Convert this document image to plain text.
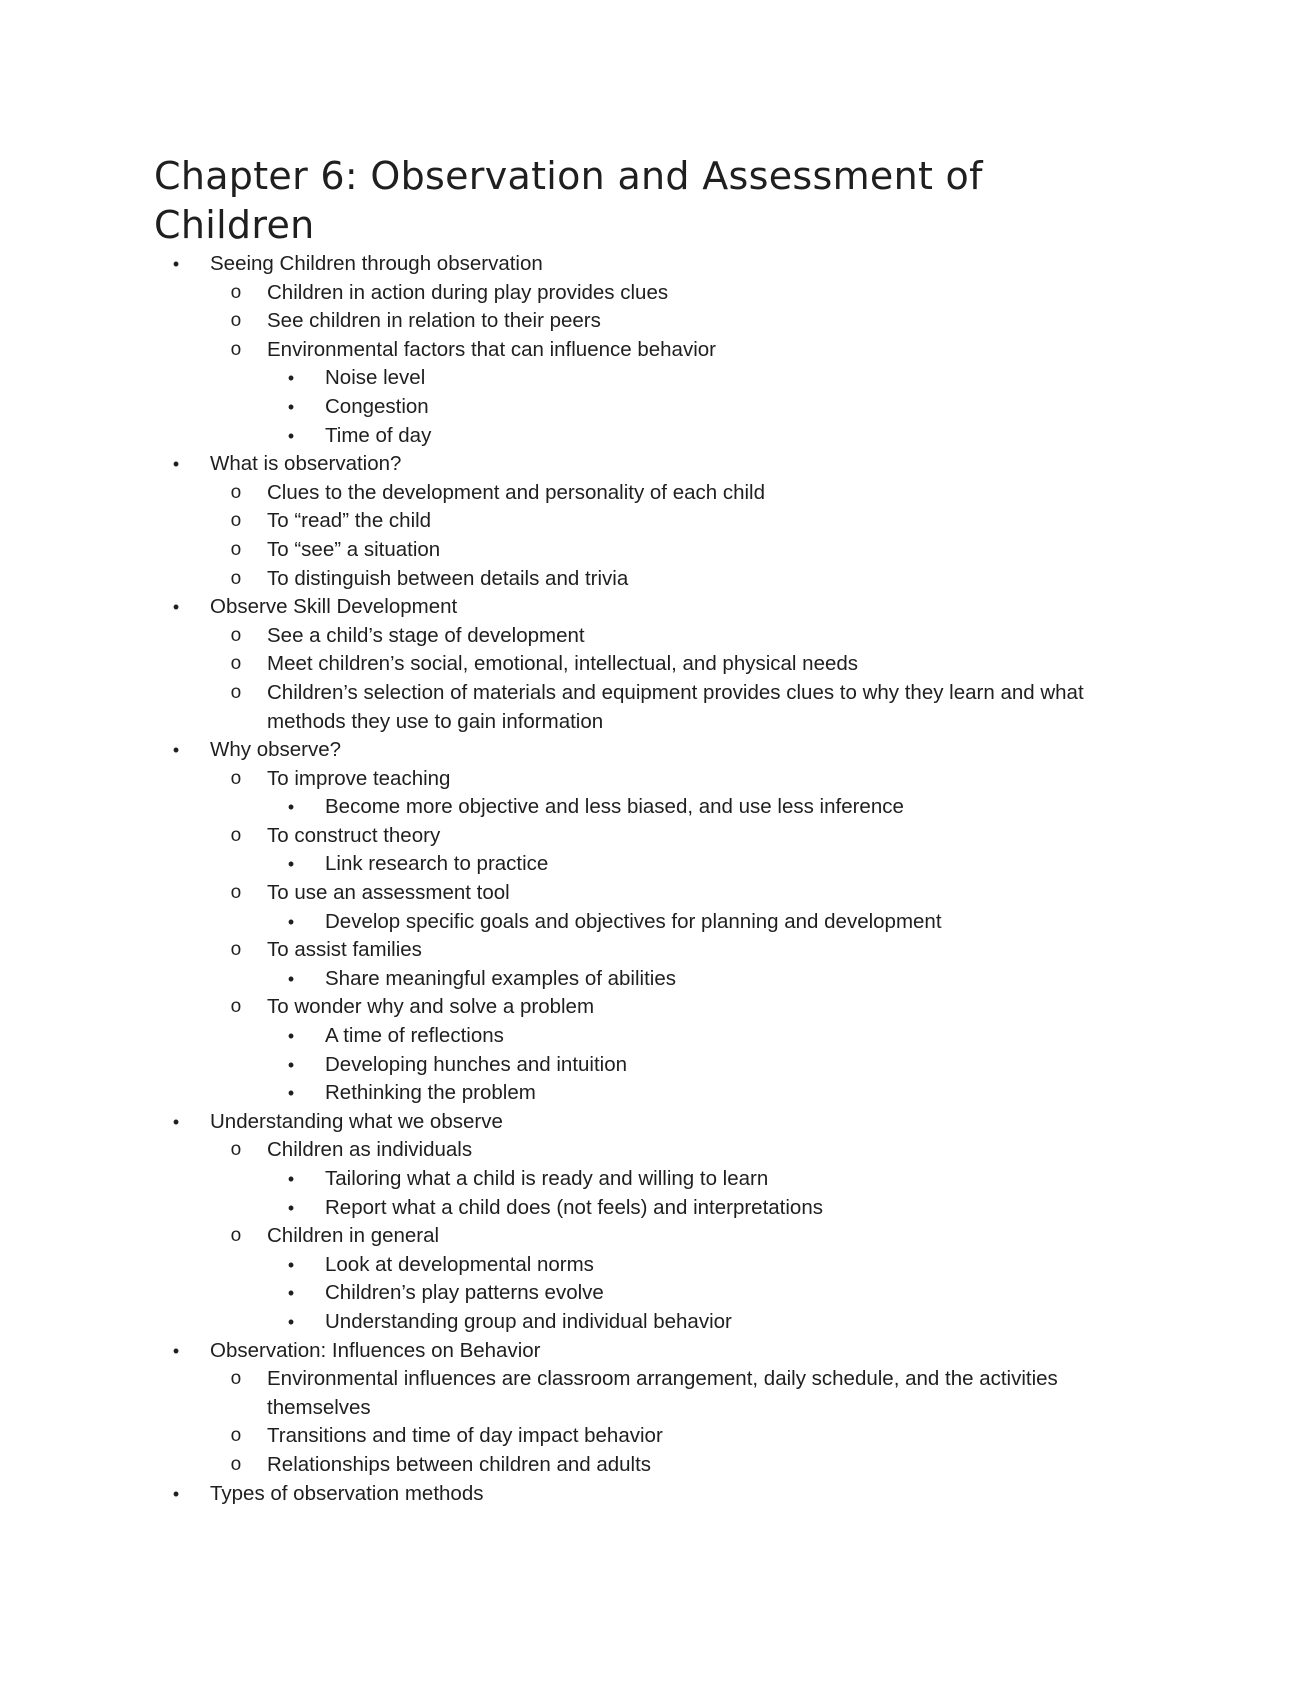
Chapter 6: Observation and Assessment of Children
•	Seeing Children through observation
o Children in action during play provides clues
o See children in relation to their peers
o Environmental factors that can influence behavior
•	Noise level
•	Congestion
•	Time of day
•	What is observation?
o Clues to the development and personality of each child
o To “read” the child
o To “see” a situation
o To distinguish between details and trivia
•	Observe Skill Development
o See a child’s stage of development
o Meet children’s social, emotional, intellectual, and physical needs
o Children’s selection of materials and equipment provides clues to why they learn and what methods they use to gain information
•	Why observe?
o To improve teaching
•	Become more objective and less biased, and use less inference
o To construct theory
•	Link research to practice
o To use an assessment tool
•	Develop specific goals and objectives for planning and development
o To assist families
•	Share meaningful examples of abilities
o To wonder why and solve a problem
•	A time of reflections
•	Developing hunches and intuition
•	Rethinking the problem
•	Understanding what we observe
o Children as individuals
•	Tailoring what a child is ready and willing to learn
•	Report what a child does (not feels) and interpretations
o Children in general
•	Look at developmental norms
•	Children’s play patterns evolve
•	Understanding group and individual behavior
•	Observation: Influences on Behavior
o Environmental influences are classroom arrangement, daily schedule, and the activities themselves
o Transitions and time of day impact behavior
o Relationships between children and adults
•	Types of observation methods
